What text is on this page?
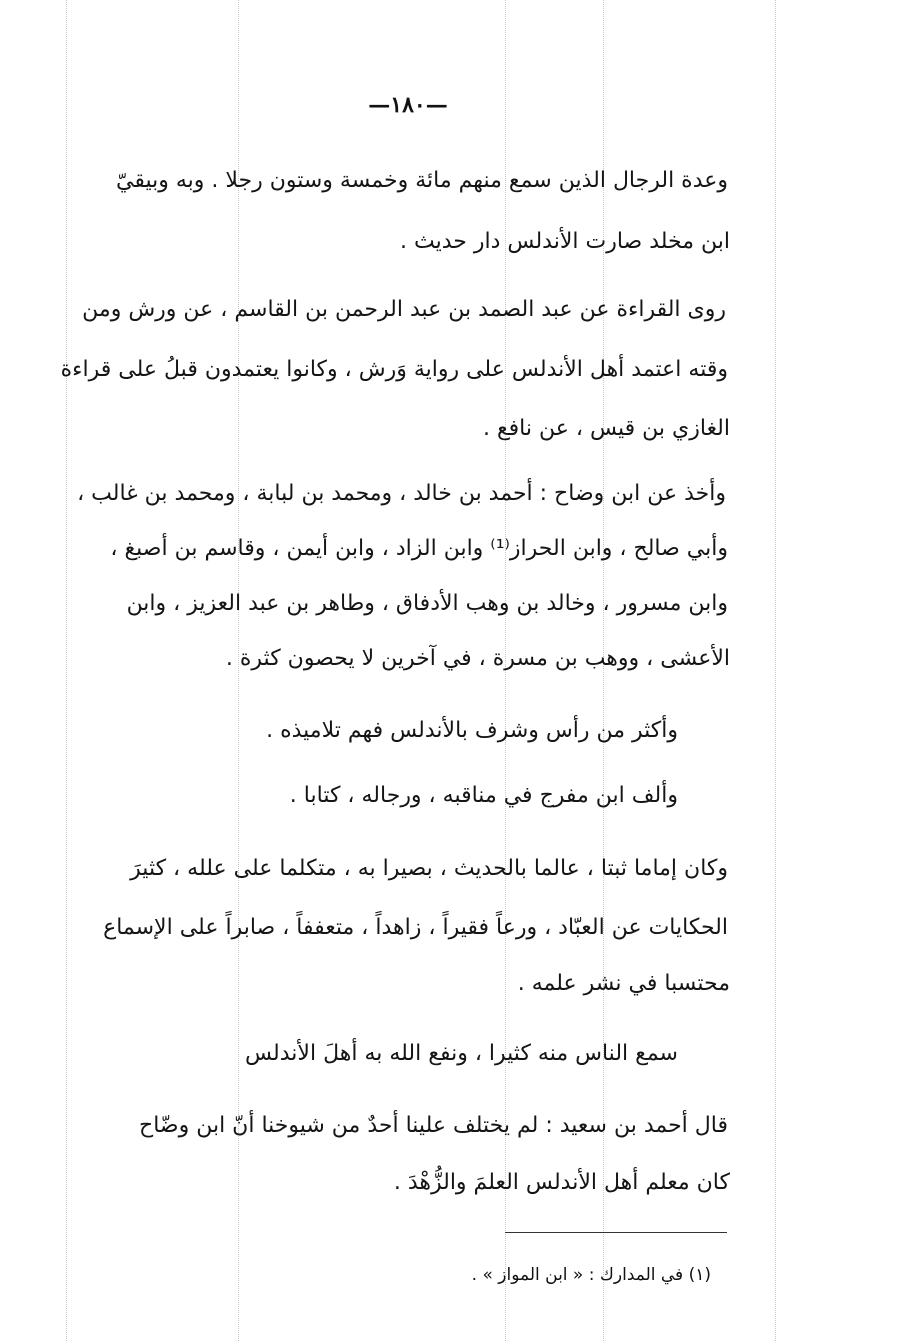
—١٨٠—
وعدة الرجال الذين سمع منهم مائة وخمسة وستون رجلا . وبه وبيقيّ
ابن مخلد صارت الأندلس دار حديث .
روى القراءة عن عبد الصمد بن عبد الرحمن بن القاسم ، عن ورش ومن
وقته اعتمد أهل الأندلس على رواية وَرش ، وكانوا يعتمدون قبلُ على قراءة
الغازي بن قيس ، عن نافع .
وأخذ عن ابن وضاح : أحمد بن خالد ، ومحمد بن لبابة ، ومحمد بن غالب ،
وأبي صالح ، وابن الحراز⁽¹⁾ وابن الزاد ، وابن أيمن ، وقاسم بن أصبغ ،
وابن مسرور ، وخالد بن وهب الأدفاق ، وطاهر بن عبد العزيز ، وابن
الأعشى ، ووهب بن مسرة ، في آخرين لا يحصون كثرة .
وأكثر من رأس وشرف بالأندلس فهم تلاميذه .
وألف ابن مفرج في مناقبه ، ورجاله ، كتابا .
وكان إماما ثبتا ، عالما بالحديث ، بصيرا به ، متكلما على علله ، كثيرَ
الحكايات عن العبّاد ، ورعاً فقيراً ، زاهداً ، متعففاً ، صابراً على الإسماع
محتسبا في نشر علمه .
سمع الناس منه كثيرا ، ونفع الله به أهلَ الأندلس
قال أحمد بن سعيد : لم يختلف علينا أحدٌ من شيوخنا أنّ ابن وضّاح
كان معلم أهل الأندلس العلمَ والزُّهْدَ .
(١) في المدارك : « ابن المواز » .
